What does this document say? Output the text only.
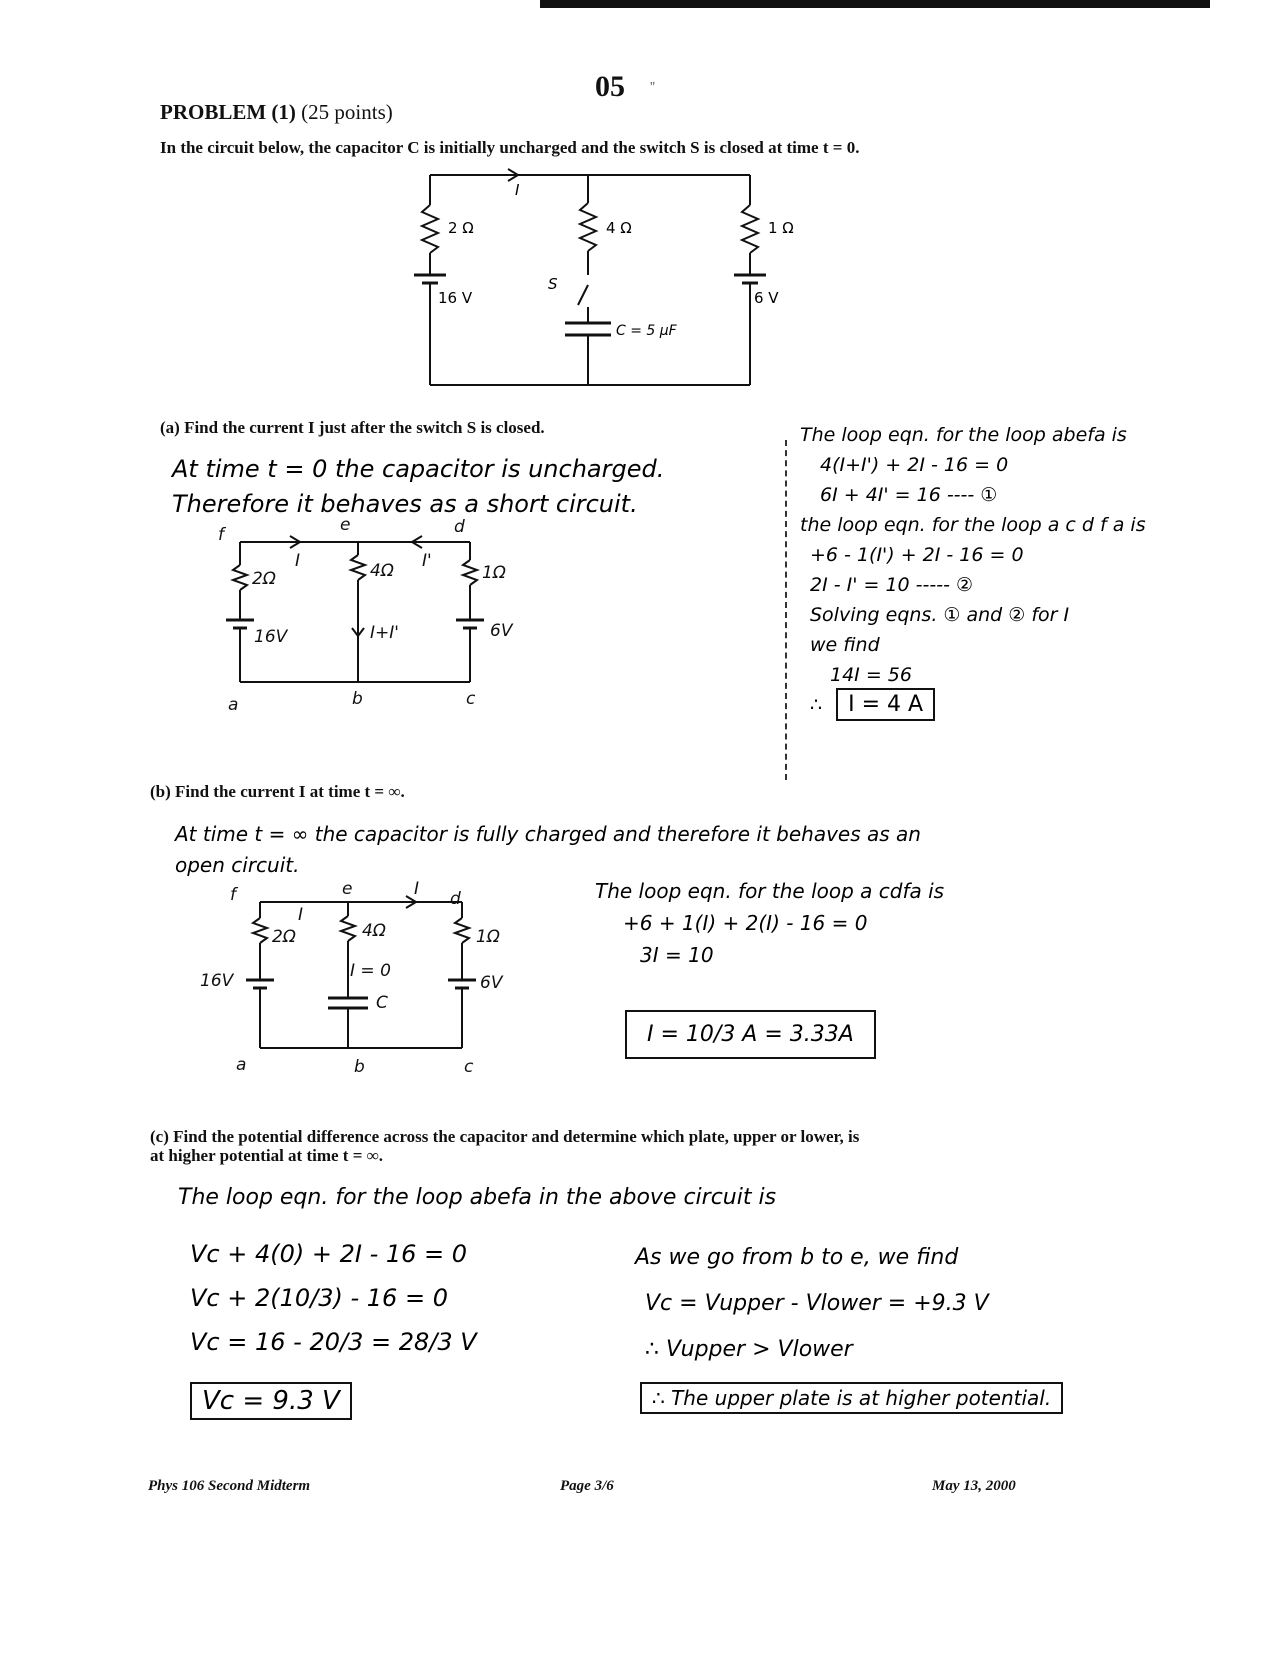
05 ''
PROBLEM (1) (25 points)
In the circuit below, the capacitor C is initially uncharged and the switch S is closed at time t = 0.
I
2 Ω	4 Ω	1 Ω
16 V	6 V
S
C = 5 μF
(a) Find the current I just after the switch S is closed.
At time t = 0 the capacitor is uncharged.
Therefore it behaves as a short circuit.
f	e	d
a	b	c
I	I'
I+I'
2Ω	4Ω	1Ω
16V	6V
The loop eqn. for the loop abefa is
4(I+I') + 2I - 16 = 0
6I + 4I' = 16 ---- ①
the loop eqn. for the loop a c d f a is
+6 - 1(I') + 2I - 16 = 0
2I - I' = 10 ----- ②
Solving eqns. ① and ② for I
we find
14I = 56
∴ I = 4 A
(b) Find the current I at time t = ∞.
At time t = ∞ the capacitor is fully charged and therefore it behaves as an
open circuit.
f	e	d
a	b	c
I
I
I = 0
2Ω	4Ω	1Ω
16V	6V
C
The loop eqn. for the loop a cdfa is
+6 + 1(I) + 2(I) - 16 = 0
3I = 10
I = 10/3 A = 3.33A
(c) Find the potential difference across the capacitor and determine which plate, upper or lower, is
at higher potential at time t = ∞.
The loop eqn. for the loop abefa in the above circuit is
Vc + 4(0) + 2I - 16 = 0
Vc + 2(10/3) - 16 = 0
Vc = 16 - 20/3 = 28/3 V
Vc = 9.3 V
As we go from b to e, we find
Vc = Vupper - Vlower = +9.3 V
∴ Vupper > Vlower
∴ The upper plate is at higher potential.
Phys 106 Second Midterm	Page 3/6	May 13, 2000
